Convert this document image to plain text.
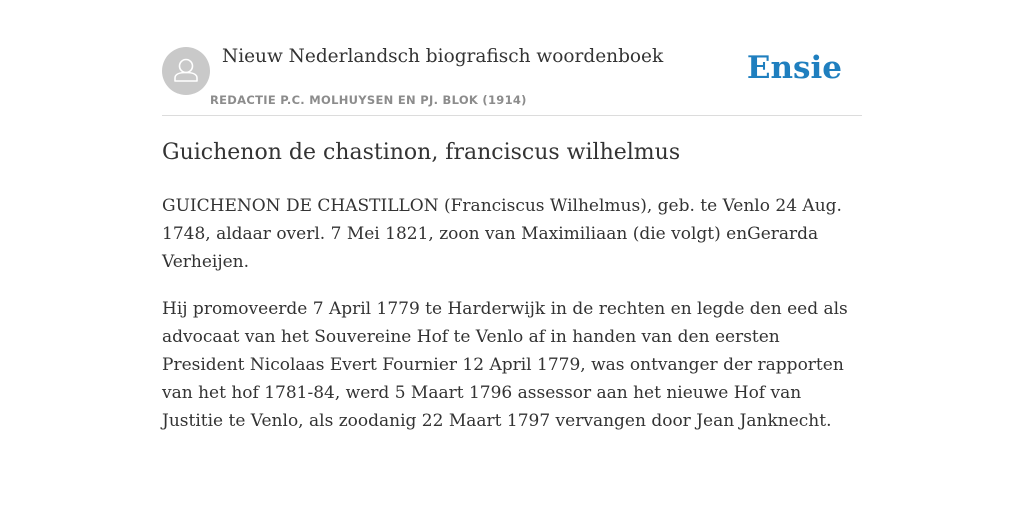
Nieuw Nederlandsch biografisch woordenboek
REDACTIE P.C. MOLHUYSEN EN PJ. BLOK (1914)
Ensie
Guichenon de chastinon, franciscus wilhelmus

GUICHENON DE CHASTILLON (Franciscus Wilhelmus), geb. te Venlo 24 Aug. 1748, aldaar overl. 7 Mei 1821, zoon van Maximiliaan (die volgt) enGerarda Verheijen.

Hij promoveerde 7 April 1779 te Harderwijk in de rechten en legde den eed als advocaat van het Souvereine Hof te Venlo af in handen van den eersten President Nicolaas Evert Fournier 12 April 1779, was ontvanger der rapporten van het hof 1781-84, werd 5 Maart 1796 assessor aan het nieuwe Hof van Justitie te Venlo, als zoodanig 22 Maart 1797 vervangen door Jean Janknecht.
